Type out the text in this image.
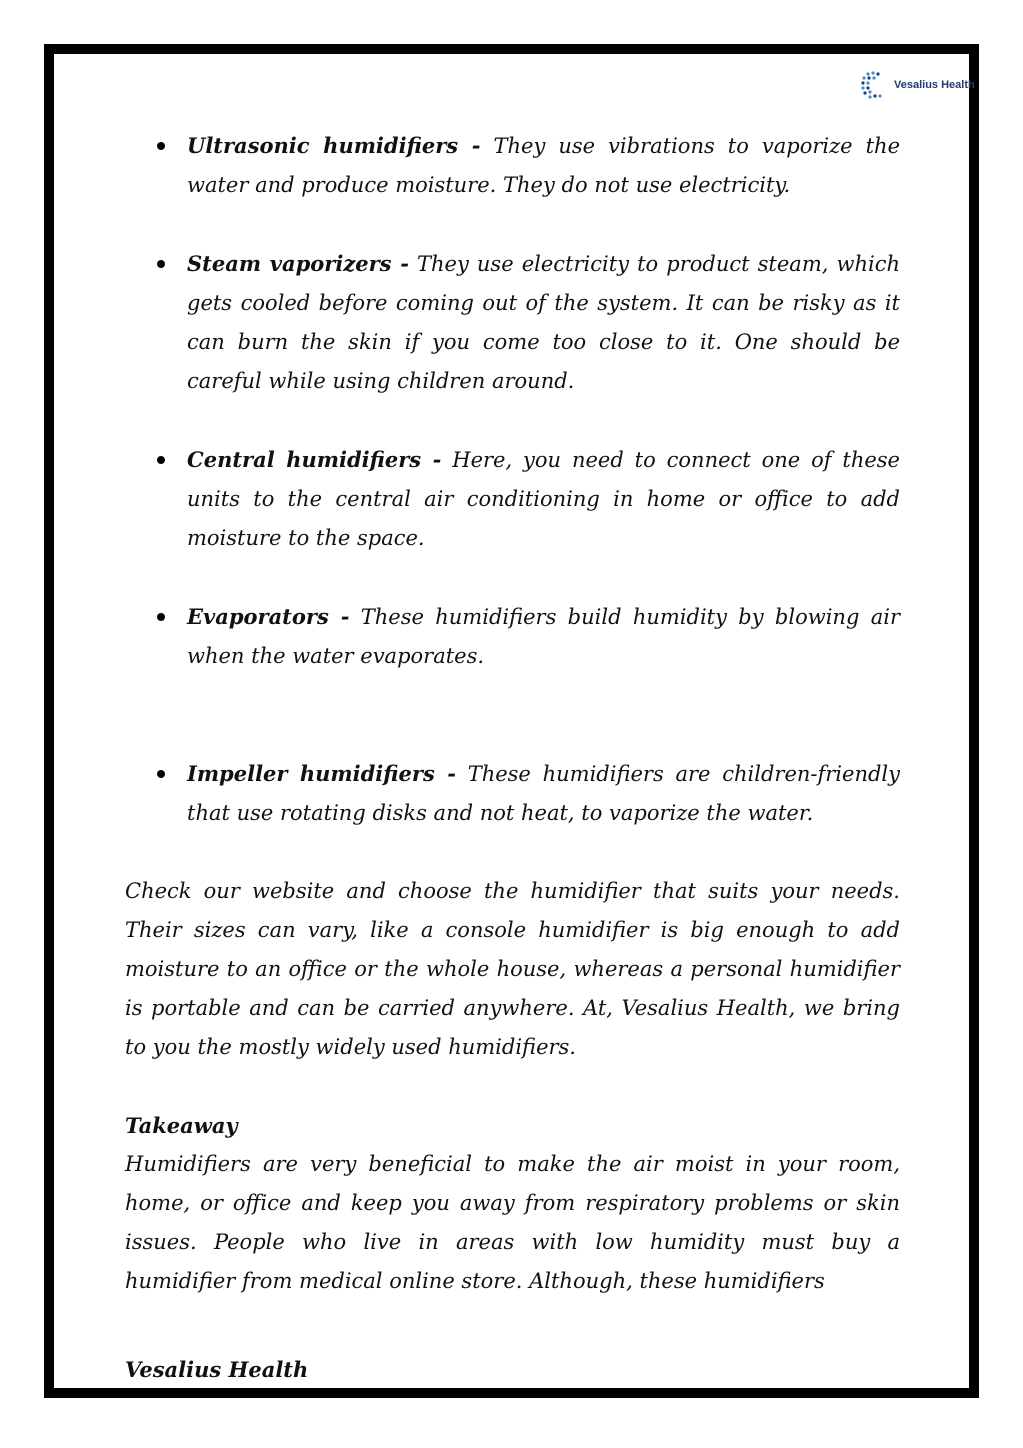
Vesalius Health
Ultrasonic humidifiers - They use vibrations to vaporize the water and produce moisture. They do not use electricity.
Steam vaporizers - They use electricity to product steam, which gets cooled before coming out of the system. It can be risky as it can burn the skin if you come too close to it. One should be careful while using children around.
Central humidifiers - Here, you need to connect one of these units to the central air conditioning in home or office to add moisture to the space.
Evaporators - These humidifiers build humidity by blowing air when the water evaporates.
Impeller humidifiers - These humidifiers are children-friendly that use rotating disks and not heat, to vaporize the water.

Check our website and choose the humidifier that suits your needs. Their sizes can vary, like a console humidifier is big enough to add moisture to an office or the whole house, whereas a personal humidifier is portable and can be carried anywhere. At, Vesalius Health, we bring to you the mostly widely used humidifiers.

Takeaway

Humidifiers are very beneficial to make the air moist in your room, home, or office and keep you away from respiratory problems or skin issues. People who live in areas with low humidity must buy a humidifier from medical online store. Although, these humidifiers

Vesalius Health
